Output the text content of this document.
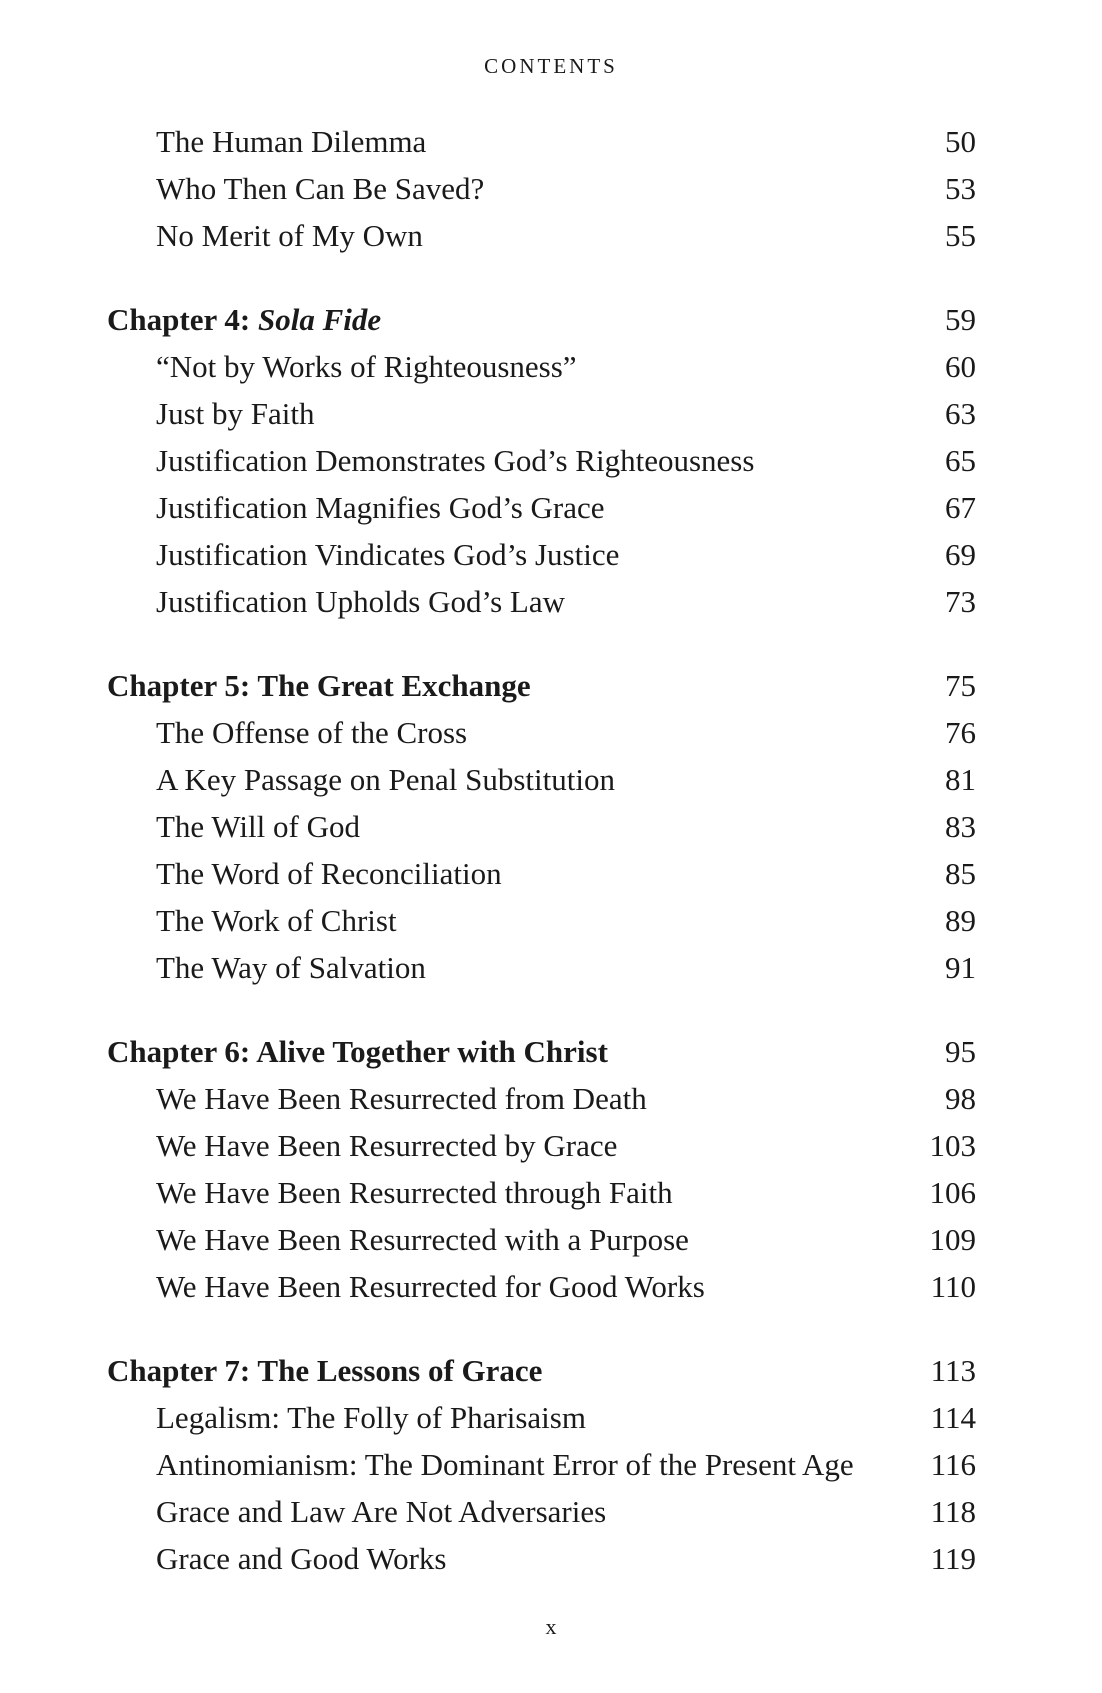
CONTENTS
The Human Dilemma	50
Who Then Can Be Saved?	53
No Merit of My Own	55
Chapter 4: Sola Fide	59
“Not by Works of Righteousness”	60
Just by Faith	63
Justification Demonstrates God’s Righteousness	65
Justification Magnifies God’s Grace	67
Justification Vindicates God’s Justice	69
Justification Upholds God’s Law	73
Chapter 5: The Great Exchange	75
The Offense of the Cross	76
A Key Passage on Penal Substitution	81
The Will of God	83
The Word of Reconciliation	85
The Work of Christ	89
The Way of Salvation	91
Chapter 6: Alive Together with Christ	95
We Have Been Resurrected from Death	98
We Have Been Resurrected by Grace	103
We Have Been Resurrected through Faith	106
We Have Been Resurrected with a Purpose	109
We Have Been Resurrected for Good Works	110
Chapter 7: The Lessons of Grace	113
Legalism: The Folly of Pharisaism	114
Antinomianism: The Dominant Error of the Present Age 116
Grace and Law Are Not Adversaries	118
Grace and Good Works	119
x
